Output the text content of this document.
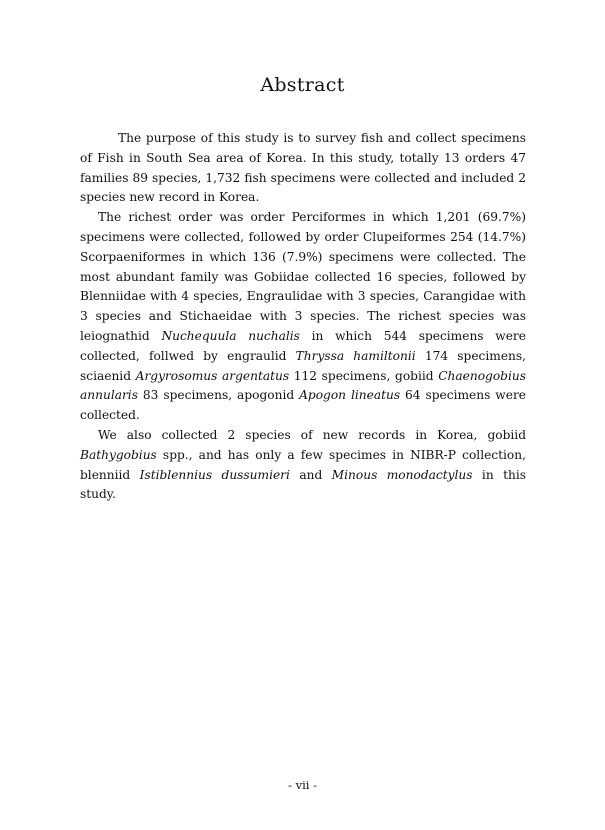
Abstract

The purpose of this study is to survey fish and collect specimens of Fish in South Sea area of Korea. In this study, totally 13 orders 47 families 89 species, 1,732 fish specimens were collected and included 2 species new record in Korea.

The richest order was order Perciformes in which 1,201 (69.7%) specimens were collected, followed by order Clupeiformes 254 (14.7%) Scorpaeniformes in which 136 (7.9%) specimens were collected. The most abundant family was Gobiidae collected 16 species, followed by Blenniidae with 4 species, Engraulidae with 3 species, Carangidae with 3 species and Stichaeidae with 3 species. The richest species was leiognathid Nuchequula nuchalis in which 544 specimens were collected, follwed by engraulid Thryssa hamiltonii 174 specimens, sciaenid Argyrosomus argentatus 112 specimens, gobiid Chaenogobius annularis 83 specimens, apogonid Apogon lineatus 64 specimens were collected.

We also collected 2 species of new records in Korea, gobiid Bathygobius spp., and has only a few specimes in NIBR-P collection, blenniid Istiblennius dussumieri and Minous monodactylus in this study.

- vii -
